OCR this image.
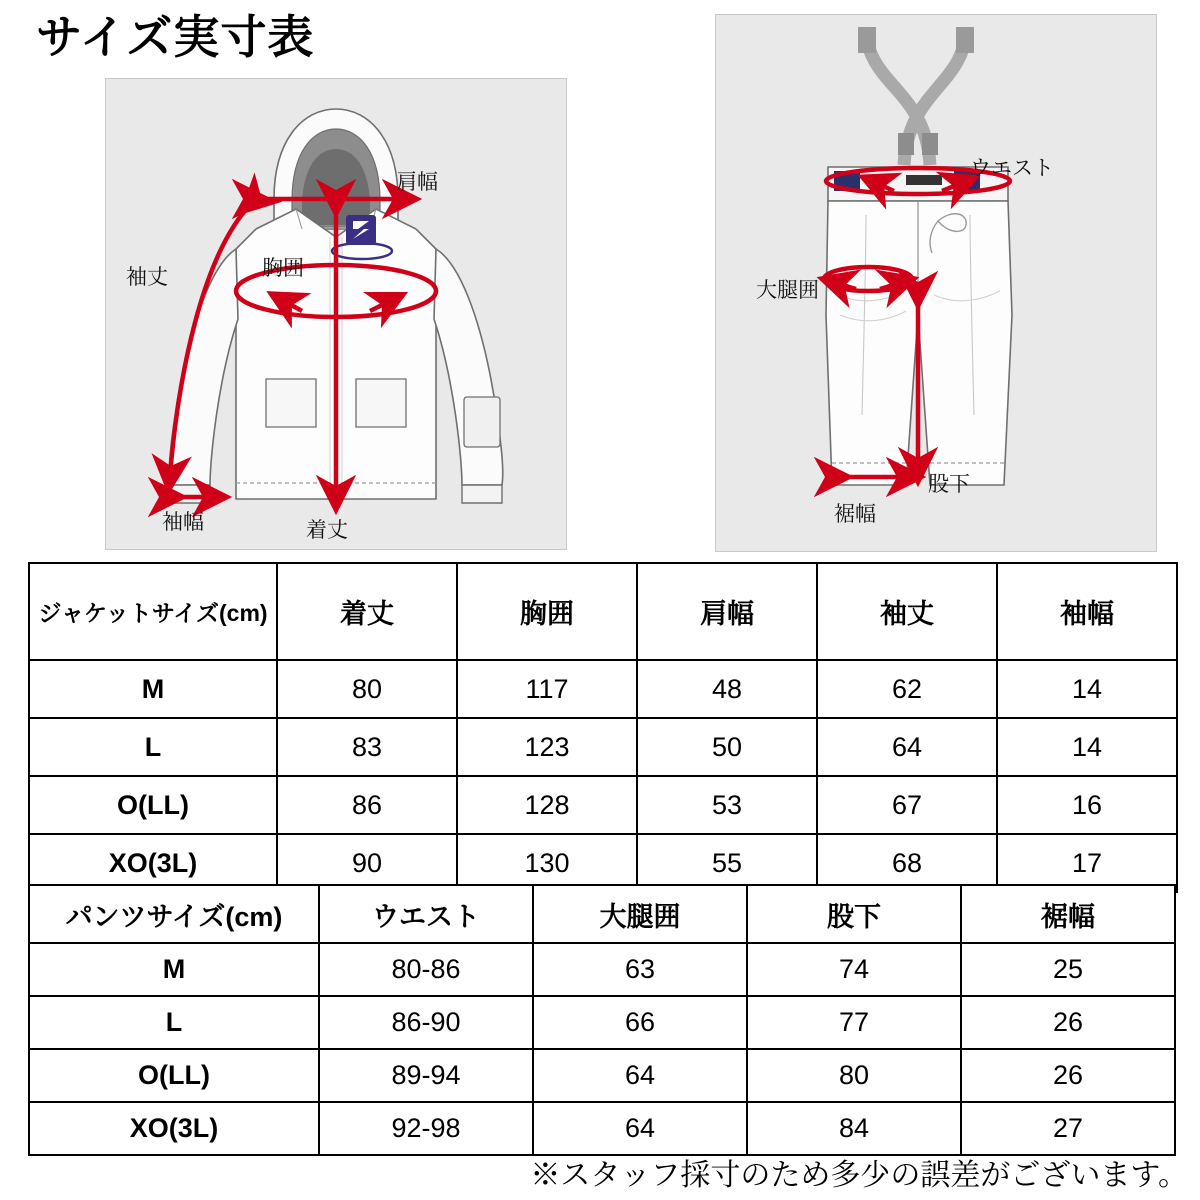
サイズ実寸表
肩幅
袖丈	胸囲
袖幅	着丈
ウエスト
大腿囲
股下
裾幅
ジャケットサイズ(cm)	着丈	胸囲	肩幅	袖丈	袖幅
M	80	117	48	62	14
L	83	123	50	64	14
O(LL)	86	128	53	67	16
XO(3L)	90	130	55	68	17
パンツサイズ(cm)	ウエスト	大腿囲	股下	裾幅
M	80-86	63	74	25
L	86-90	66	77	26
O(LL)	89-94	64	80	26
XO(3L)	92-98	64	84	27
※スタッフ採寸のため多少の誤差がございます。
